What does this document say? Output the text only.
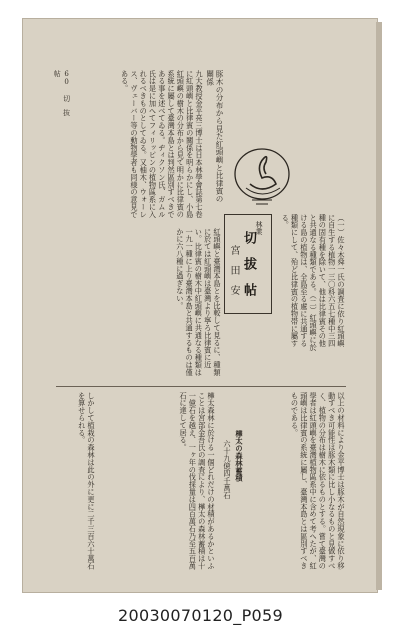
60 切　抜　帖
林業
切　拔　帖
宮　田　安	（一）佐々木舜一氏の調査に依り紅頭嶼に自生する植物一三〇科六五七種中三四種の固有種を除いて、他は比律賓その他と共通なる種類である。（二）紅頭嶼に於ける島の植物は、全島至る處に共通する種類にして、殆ど比律賓の植物帯に屬する。
豚木の分布から見た紅頭嶼と比律賓の關係
九大教授金平亮三博士は日本林學會誌第七卷に紅頭嶼と比律賓の關係を明らかにし、小島紅頭嶼の樹木の分布から見て明かに比律賓の系統に屬して臺灣本島とは判然區別すべきである事を述べてゐる。ヂィクソン氏、ガムル氏は是に加へてフィリッピンの植物區系に入れるべきものとしてゐる。又柚木、ウォーレス、ヴェーバー等の動物學者も同様の意見である。
紅頭嶼と臺灣本島とを比較して見るに、種類に於ては紅頭嶼は臺灣より寧ろ比律賓に近い。比律賓の樹木中紅頭嶼に共通なる種類は一九一種に上り臺灣本島と共通するものは僅かに六八種に過ぎない。
以上の材料により金平博士は豚木が自然現象に依り移動すべき可能性は豚木類に比し小なるものと見做すべく、植物の分布は樹木に依るものとする。嘗て臺灣の學者は紅頭嶼を臺灣植物區系中に含めて考へたが、紅頭嶼は比律賓の系統に屬し、臺灣本島とは區別すべきものである。
樺太の森林蓄積
六十九億四千萬石
樺太森林に於ける一個どれだけの材積があるかといふことは宮部金吾氏の調査により、樺太の森林蓄積は十一億石を越え、一ヶ年の伐採量は四百萬石乃至五百萬石に達して居る。
しかして植栽の森林は此の外に更に二千三百六十萬石を算せられる。
20030070120_P059
